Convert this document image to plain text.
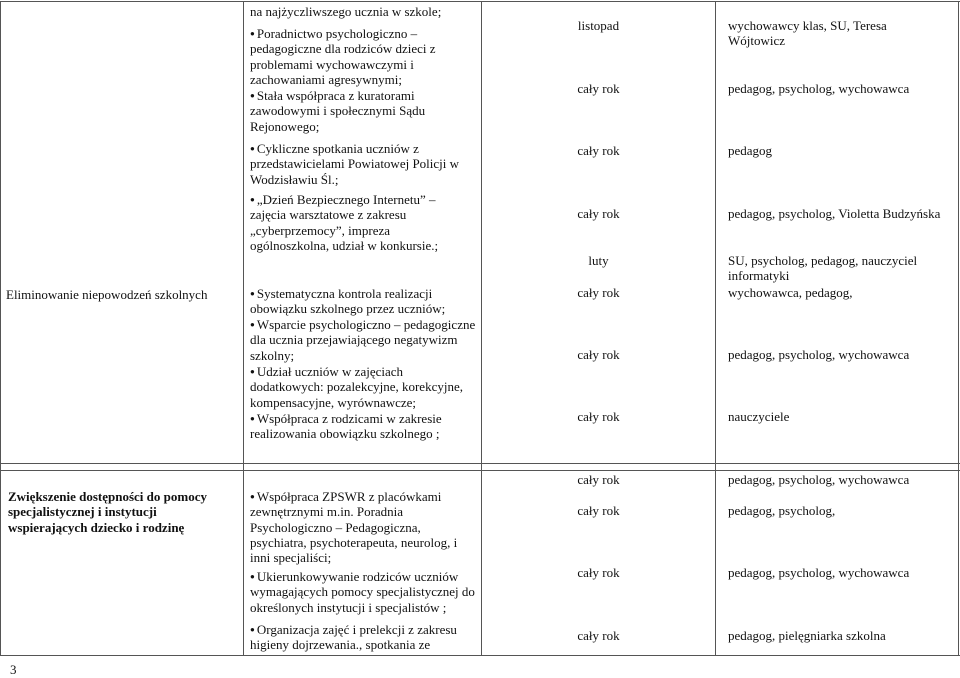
na najżyczliwszego ucznia w szkole;
● Poradnictwo psychologiczno – pedagogiczne dla rodziców dzieci z problemami wychowawczymi i zachowaniami agresywnymi;
● Stała współpraca z kuratorami zawodowymi i społecznymi Sądu Rejonowego;
● Cykliczne spotkania uczniów z przedstawicielami Powiatowej Policji w Wodzisławiu Śl.;
● „Dzień Bezpiecznego Internetu” – zajęcia warsztatowe z zakresu „cyberprzemocy”, impreza ogólnoszkolna, udział w konkursie.;
listopad
cały rok
cały rok
cały rok
luty
wychowawcy klas, SU, Teresa Wójtowicz
pedagog, psycholog, wychowawca
pedagog
pedagog, psycholog, Violetta Budzyńska
SU, psycholog, pedagog, nauczyciel informatyki
Eliminowanie niepowodzeń szkolnych
●	Systematyczna kontrola realizacji obowiązku szkolnego przez uczniów;
● Wsparcie psychologiczno – pedagogiczne dla ucznia przejawiającego negatywizm szkolny;
● Udział uczniów w zajęciach dodatkowych: pozalekcyjne, korekcyjne, kompensacyjne, wyrównawcze;
● Współpraca z rodzicami w zakresie realizowania obowiązku szkolnego ;
cały rok
cały rok
cały rok
wychowawca, pedagog,
pedagog, psycholog, wychowawca
nauczyciele
Zwiększenie dostępności do pomocy specjalistycznej i instytucji wspierających dziecko i rodzinę
● Współpraca ZPSWR z placówkami zewnętrznymi m.in. Poradnia Psychologiczno – Pedagogiczna, psychiatra, psychoterapeuta, neurolog, i inni specjaliści;
● Ukierunkowywanie rodziców uczniów wymagających pomocy specjalistycznej do określonych instytucji i specjalistów ;
● Organizacja zajęć i prelekcji z zakresu higieny dojrzewania., spotkania ze
cały rok
cały rok
cały rok
cały rok
pedagog, psycholog, wychowawca
pedagog, psycholog,
pedagog, psycholog, wychowawca
pedagog, pielęgniarka szkolna
3
